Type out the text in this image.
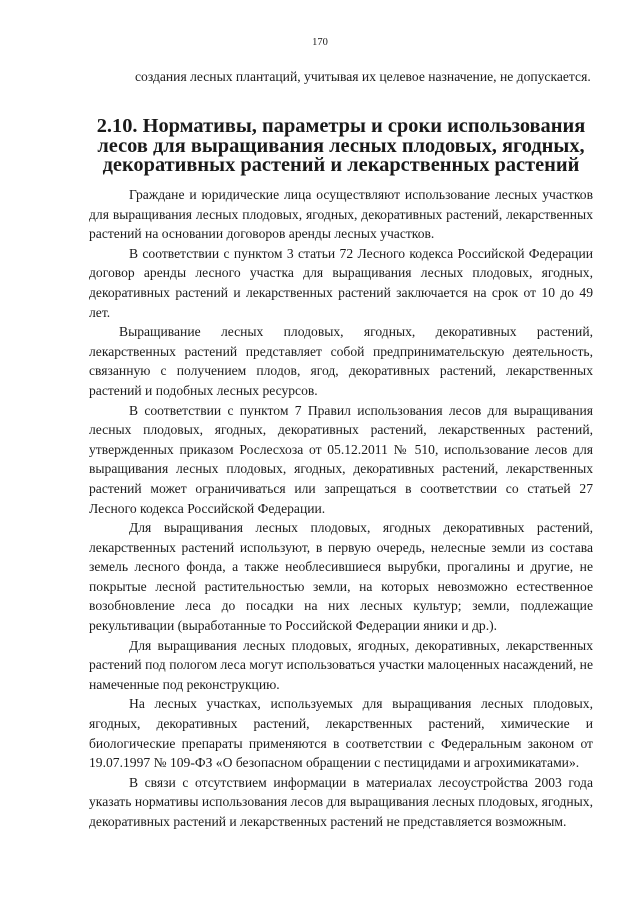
170

создания лесных плантаций, учитывая их целевое назначение, не допускается.

2.10. Нормативы, параметры и сроки использования лесов для выращивания лесных плодовых, ягодных, декоративных растений и лекарственных растений

Граждане и юридические лица осуществляют использование лесных участков для выращивания лесных плодовых, ягодных, декоративных растений, лекарственных растений на основании договоров аренды лесных участков.

В соответствии с пунктом 3 статьи 72 Лесного кодекса Российской Федерации договор аренды лесного участка для выращивания лесных плодовых, ягодных, декоративных растений и лекарственных растений заключается на срок от 10 до 49 лет.

Выращивание лесных плодовых, ягодных, декоративных растений, лекарственных растений представляет собой предпринимательскую деятельность, связанную с получением плодов, ягод, декоративных растений, лекарственных растений и подобных лесных ресурсов.

В соответствии с пунктом 7 Правил использования лесов для выращивания лесных плодовых, ягодных, декоративных растений, лекарственных растений, утвержденных приказом Рослесхоза от 05.12.2011 № 510, использование лесов для выращивания лесных плодовых, ягодных, декоративных растений, лекарственных растений может ограничиваться или запрещаться в соответствии со статьей 27 Лесного кодекса Российской Федерации.

Для выращивания лесных плодовых, ягодных декоративных растений, лекарственных растений используют, в первую очередь, нелесные земли из состава земель лесного фонда, а также необлесившиеся вырубки, прогалины и другие, не покрытые лесной растительностью земли, на которых невозможно естественное возобновление леса до посадки на них лесных культур; земли, подлежащие рекультивации (выработанные то Российской Федерации яники и др.).

Для выращивания лесных плодовых, ягодных, декоративных, лекарственных растений под пологом леса могут использоваться участки малоценных насаждений, не намеченные под реконструкцию.

На лесных участках, используемых для выращивания лесных плодовых, ягодных, декоративных растений, лекарственных растений, химические и биологические препараты применяются в соответствии с Федеральным законом от 19.07.1997 № 109-ФЗ «О безопасном обращении с пестицидами и агрохимикатами».

В связи с отсутствием информации в материалах лесоустройства 2003 года указать нормативы использования лесов для выращивания лесных плодовых, ягодных, декоративных растений и лекарственных растений не представляется возможным.
